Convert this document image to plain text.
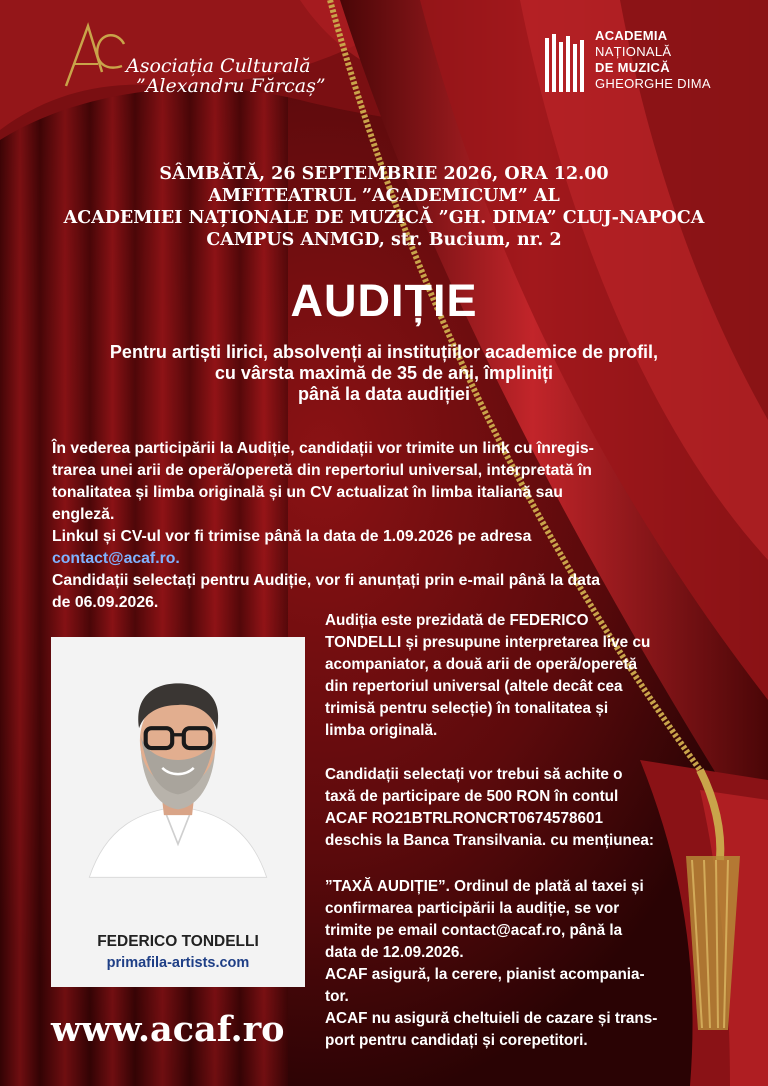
Asociația Culturală
”Alexandru Fărcaș”
ACADEMIA
NAȚIONALĂ
DE MUZICĂ
GHEORGHE DIMA
SÂMBĂTĂ, 26 SEPTEMBRIE 2026, ORA 12.00
AMFITEATRUL ”ACADEMICUM” AL
ACADEMIEI NAȚIONALE DE MUZICĂ ”GH. DIMA” CLUJ-NAPOCA
CAMPUS ANMGD, str. Bucium, nr. 2
AUDIȚIE
Pentru artiști lirici, absolvenți ai instituțiilor academice de profil,
cu vârsta maximă de 35 de ani, împliniți
până la data audiției
În vederea participării la Audiție, candidații vor trimite un link cu înregis-
trarea unei arii de operă/operetă din repertoriul universal, interpretată în
tonalitatea și limba originală și un CV actualizat în limba italiană sau
engleză.
Linkul și CV-ul vor fi trimise până la data de 1.09.2026 pe adresa
contact@acaf.ro.
Candidații selectați pentru Audiție, vor fi anunțați prin e-mail până la data
de 06.09.2026.
Audiția este prezidată de FEDERICO
TONDELLI și presupune interpretarea live cu
acompaniator, a două arii de operă/operetă
din repertoriul universal (altele decât cea
trimisă pentru selecție) în tonalitatea și
limba originală.
Candidații selectați vor trebui să achite o
taxă de participare de 500 RON în contul
ACAF RO21BTRLRONCRT0674578601
deschis la Banca Transilvania. cu mențiunea:
”TAXĂ AUDIȚIE”. Ordinul de plată al taxei și
confirmarea participării la audiție, se vor
trimite pe email contact@acaf.ro, până la
data de 12.09.2026.
ACAF asigură, la cerere, pianist acompania-
tor.
ACAF nu asigură cheltuieli de cazare și trans-
port pentru candidați și corepetitori.
FEDERICO TONDELLI
primafila-artists.com
www.acaf.ro
